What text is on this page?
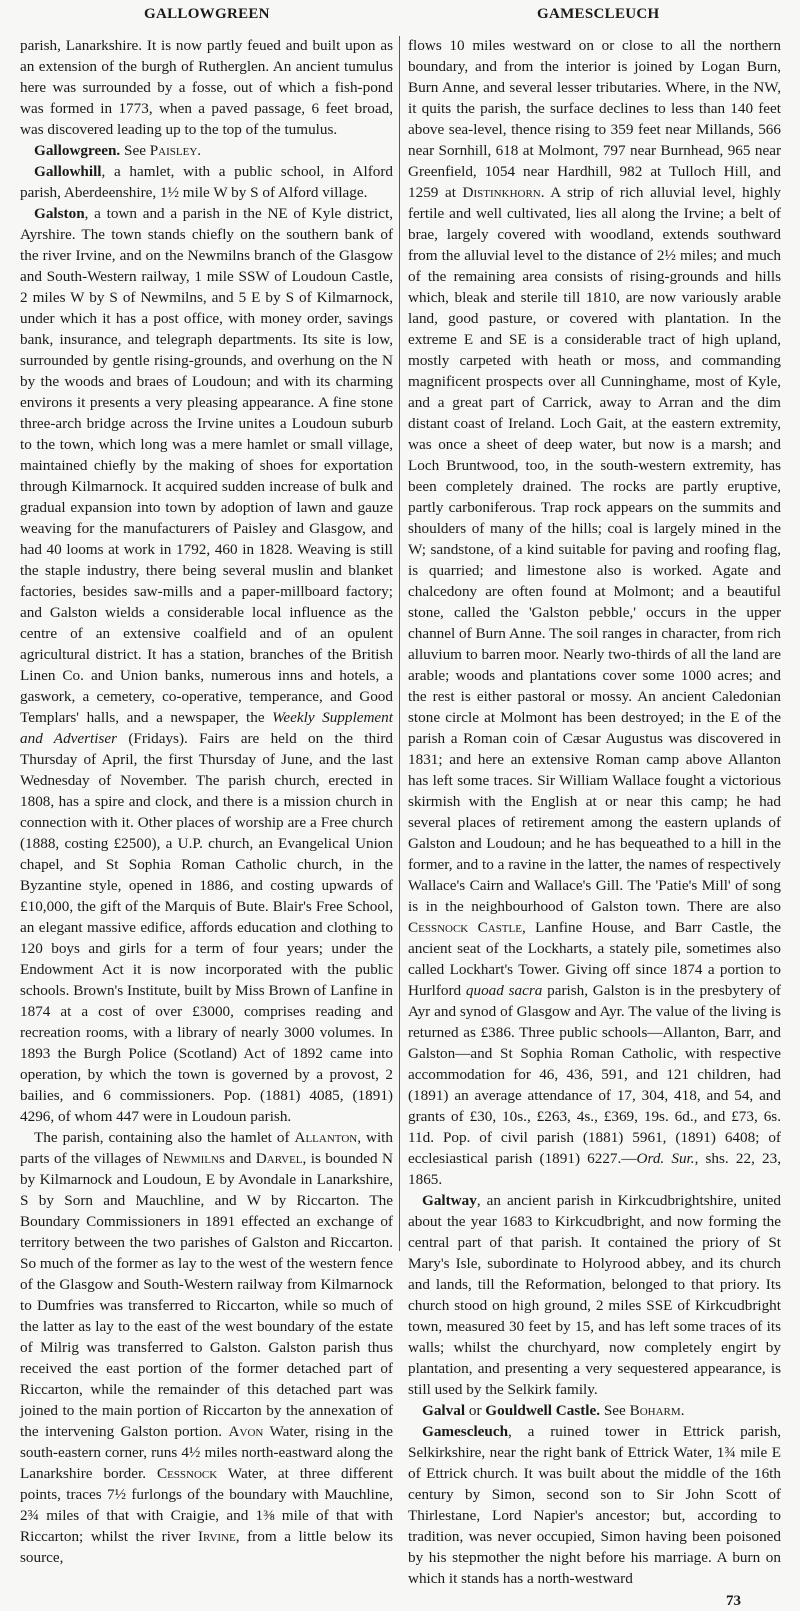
GALLOWGREEN	GAMESCLEUCH

parish, Lanarkshire. It is now partly feued and built upon as an extension of the burgh of Rutherglen. An ancient tumulus here was surrounded by a fosse, out of which a fish-pond was formed in 1773, when a paved passage, 6 feet broad, was discovered leading up to the top of the tumulus.

Gallowgreen. See Paisley.

Gallowhill, a hamlet, with a public school, in Alford parish, Aberdeenshire, 1½ mile W by S of Alford village.

Galston, a town and a parish in the NE of Kyle district, Ayrshire. The town stands chiefly on the southern bank of the river Irvine, and on the Newmilns branch of the Glasgow and South-Western railway, 1 mile SSW of Loudoun Castle, 2 miles W by S of Newmilns, and 5 E by S of Kilmarnock, under which it has a post office, with money order, savings bank, insurance, and telegraph departments. Its site is low, surrounded by gentle rising-grounds, and overhung on the N by the woods and braes of Loudoun; and with its charming environs it presents a very pleasing appearance. A fine stone three-arch bridge across the Irvine unites a Loudoun suburb to the town, which long was a mere hamlet or small village, maintained chiefly by the making of shoes for exportation through Kilmarnock. It acquired sudden increase of bulk and gradual expansion into town by adoption of lawn and gauze weaving for the manufacturers of Paisley and Glasgow, and had 40 looms at work in 1792, 460 in 1828. Weaving is still the staple industry, there being several muslin and blanket factories, besides saw-mills and a paper-millboard factory; and Galston wields a considerable local influence as the centre of an extensive coalfield and of an opulent agricultural district. It has a station, branches of the British Linen Co. and Union banks, numerous inns and hotels, a gaswork, a cemetery, co-operative, temperance, and Good Templars' halls, and a newspaper, the Weekly Supplement and Advertiser (Fridays). Fairs are held on the third Thursday of April, the first Thursday of June, and the last Wednesday of November. The parish church, erected in 1808, has a spire and clock, and there is a mission church in connection with it. Other places of worship are a Free church (1888, costing £2500), a U.P. church, an Evangelical Union chapel, and St Sophia Roman Catholic church, in the Byzantine style, opened in 1886, and costing upwards of £10,000, the gift of the Marquis of Bute. Blair's Free School, an elegant massive edifice, affords education and clothing to 120 boys and girls for a term of four years; under the Endowment Act it is now incorporated with the public schools. Brown's Institute, built by Miss Brown of Lanfine in 1874 at a cost of over £3000, comprises reading and recreation rooms, with a library of nearly 3000 volumes. In 1893 the Burgh Police (Scotland) Act of 1892 came into operation, by which the town is governed by a provost, 2 bailies, and 6 commissioners. Pop. (1881) 4085, (1891) 4296, of whom 447 were in Loudoun parish.

The parish, containing also the hamlet of Allanton, with parts of the villages of Newmilns and Darvel, is bounded N by Kilmarnock and Loudoun, E by Avondale in Lanarkshire, S by Sorn and Mauchline, and W by Riccarton. The Boundary Commissioners in 1891 effected an exchange of territory between the two parishes of Galston and Riccarton. So much of the former as lay to the west of the western fence of the Glasgow and South-Western railway from Kilmarnock to Dumfries was transferred to Riccarton, while so much of the latter as lay to the east of the west boundary of the estate of Milrig was transferred to Galston. Galston parish thus received the east portion of the former detached part of Riccarton, while the remainder of this detached part was joined to the main portion of Riccarton by the annexation of the intervening Galston portion. Avon Water, rising in the south-eastern corner, runs 4½ miles north-eastward along the Lanarkshire border. Cessnock Water, at three different points, traces 7½ furlongs of the boundary with Mauchline, 2¾ miles of that with Craigie, and 1⅜ mile of that with Riccarton; whilst the river Irvine, from a little below its source,

flows 10 miles westward on or close to all the northern boundary, and from the interior is joined by Logan Burn, Burn Anne, and several lesser tributaries. Where, in the NW, it quits the parish, the surface declines to less than 140 feet above sea-level, thence rising to 359 feet near Millands, 566 near Sornhill, 618 at Molmont, 797 near Burnhead, 965 near Greenfield, 1054 near Hardhill, 982 at Tulloch Hill, and 1259 at Distinkhorn. A strip of rich alluvial level, highly fertile and well cultivated, lies all along the Irvine; a belt of brae, largely covered with woodland, extends southward from the alluvial level to the distance of 2½ miles; and much of the remaining area consists of rising-grounds and hills which, bleak and sterile till 1810, are now variously arable land, good pasture, or covered with plantation. In the extreme E and SE is a considerable tract of high upland, mostly carpeted with heath or moss, and commanding magnificent prospects over all Cunninghame, most of Kyle, and a great part of Carrick, away to Arran and the dim distant coast of Ireland. Loch Gait, at the eastern extremity, was once a sheet of deep water, but now is a marsh; and Loch Bruntwood, too, in the south-western extremity, has been completely drained. The rocks are partly eruptive, partly carboniferous. Trap rock appears on the summits and shoulders of many of the hills; coal is largely mined in the W; sandstone, of a kind suitable for paving and roofing flag, is quarried; and limestone also is worked. Agate and chalcedony are often found at Molmont; and a beautiful stone, called the 'Galston pebble,' occurs in the upper channel of Burn Anne. The soil ranges in character, from rich alluvium to barren moor. Nearly two-thirds of all the land are arable; woods and plantations cover some 1000 acres; and the rest is either pastoral or mossy. An ancient Caledonian stone circle at Molmont has been destroyed; in the E of the parish a Roman coin of Cæsar Augustus was discovered in 1831; and here an extensive Roman camp above Allanton has left some traces. Sir William Wallace fought a victorious skirmish with the English at or near this camp; he had several places of retirement among the eastern uplands of Galston and Loudoun; and he has bequeathed to a hill in the former, and to a ravine in the latter, the names of respectively Wallace's Cairn and Wallace's Gill. The 'Patie's Mill' of song is in the neighbourhood of Galston town. There are also Cessnock Castle, Lanfine House, and Barr Castle, the ancient seat of the Lockharts, a stately pile, sometimes also called Lockhart's Tower. Giving off since 1874 a portion to Hurlford quoad sacra parish, Galston is in the presbytery of Ayr and synod of Glasgow and Ayr. The value of the living is returned as £386. Three public schools—Allanton, Barr, and Galston—and St Sophia Roman Catholic, with respective accommodation for 46, 436, 591, and 121 children, had (1891) an average attendance of 17, 304, 418, and 54, and grants of £30, 10s., £263, 4s., £369, 19s. 6d., and £73, 6s. 11d. Pop. of civil parish (1881) 5961, (1891) 6408; of ecclesiastical parish (1891) 6227.—Ord. Sur., shs. 22, 23, 1865.

Galtway, an ancient parish in Kirkcudbrightshire, united about the year 1683 to Kirkcudbright, and now forming the central part of that parish. It contained the priory of St Mary's Isle, subordinate to Holyrood abbey, and its church and lands, till the Reformation, belonged to that priory. Its church stood on high ground, 2 miles SSE of Kirkcudbright town, measured 30 feet by 15, and has left some traces of its walls; whilst the churchyard, now completely engirt by plantation, and presenting a very sequestered appearance, is still used by the Selkirk family.

Galval or Gouldwell Castle. See Boharm.

Gamescleuch, a ruined tower in Ettrick parish, Selkirkshire, near the right bank of Ettrick Water, 1¾ mile E of Ettrick church. It was built about the middle of the 16th century by Simon, second son to Sir John Scott of Thirlestane, Lord Napier's ancestor; but, according to tradition, was never occupied, Simon having been poisoned by his stepmother the night before his marriage. A burn on which it stands has a north-westward

73
